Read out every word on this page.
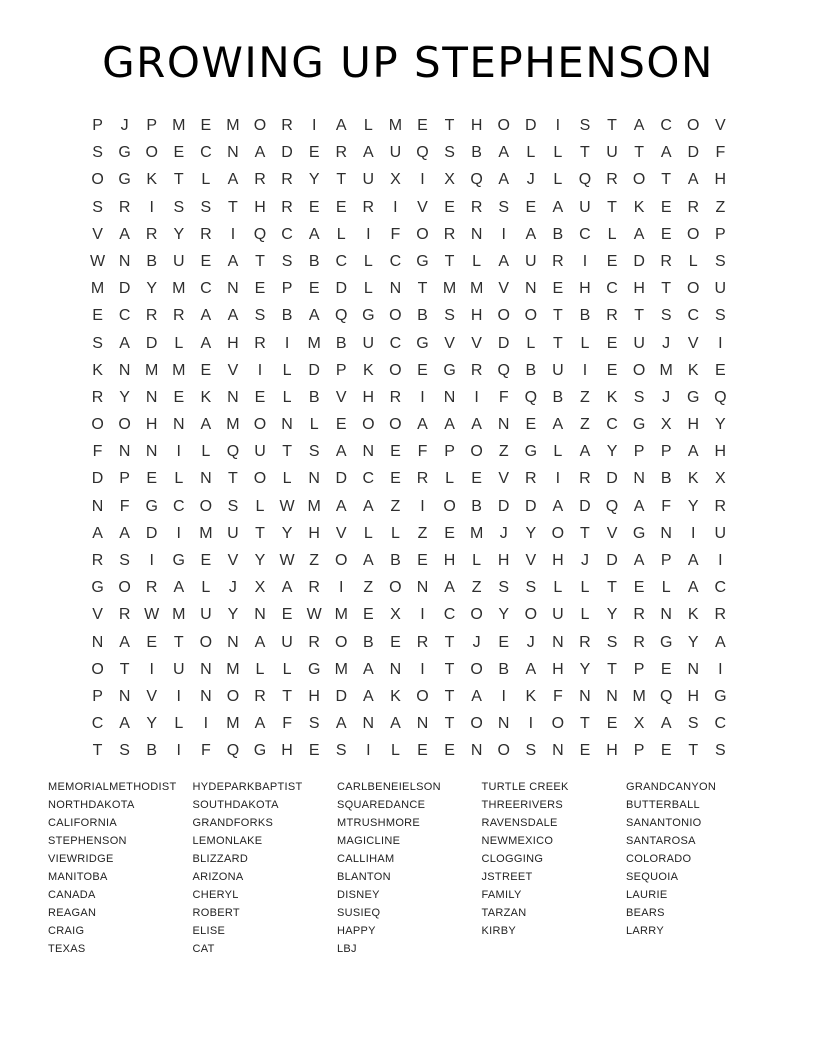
GROWING UP STEPHENSON
P	J	P M E M O R	I	A	L M E	T	H O D	I	S	T	A C O V
S G O E C N A D E R A U Q S	B	A	L	L	T	U	T	A D	F
O G K	T	L	A R R Y	T	U X	I	X Q A	J	L	Q R O T	A H
S R	I	S	S	T	H R E	E R	I	V	E R S	E	A U	T	K	E R	Z
V	A R Y R	I	Q C A	L	I	F O R N	I	A	B C	L	A	E O P
W N B U E	A	T	S	B C	L	C G T	L	A U R	I	E D R	L	S
M D Y M C N E	P	E D	L	N	T M M V N E H C H	T O U
E C R R A	A	S	B	A Q G O B	S H O O T	B R	T	S C S
S	A D	L	A H R	I	M B U C G V	V D	L	T	L	E U	J	V	I
K N M M E	V	I	L	D P	K O E G R Q B U	I	E O M K	E
R Y N E	K N E	L	B	V H R	I	N	I	F Q B	Z	K	S	J	G Q
O O H N A M O N	L	E O O A	A	A N E	A	Z	C G X H Y
F	N N	I	L	Q U	T	S	A N E	F	P O Z G	L	A	Y	P	P	A H
D P	E	L	N	T O	L	N D C E R	L	E	V R	I	R D N B	K	X
N	F G C O S	L W M A	A	Z	I	O B D D A D Q A	F	Y R
A	A D	I	M U	T	Y H V	L	L	Z	E M	J	Y O T	V G N	I	U
R S	I	G E	V	Y W Z O A	B	E H	L	H V H	J	D A	P	A	I
G O R A	L	J	X	A R	I	Z O N A	Z	S	S	L	L	T	E	L	A C
V R W M U Y N E W M E	X	I	C O Y O U	L	Y R N K R
N A	E	T O N A U R O B	E R	T	J	E	J	N R S R G Y	A
O T	I	U N M L	L	G M A N	I	T O B	A H Y	T	P	E N	I
P N V	I	N O R	T	H D A	K O T	A	I	K	F	N N M Q H G
C A	Y	L	I	M A	F	S	A N A N	T O N	I	O T	E	X	A	S C
T	S	B	I	F Q G H E	S	I	L	E	E N O S N E H P	E	T	S
MEMORIALMETHODIST
NORTHDAKOTA
CALIFORNIA
STEPHENSON
VIEWRIDGE
MANITOBA
CANADA
REAGAN
CRAIG
TEXAS
HYDEPARKBAPTIST
SOUTHDAKOTA
GRANDFORKS
LEMONLAKE
BLIZZARD
ARIZONA
CHERYL
ROBERT
ELISE
CAT
CARLBENEIELSON
SQUAREDANCE
MTRUSHMORE
MAGICLINE
CALLIHAM
BLANTON
DISNEY
SUSIEQ
HAPPY
LBJ
TURTLE CREEK
THREERIVERS
RAVENSDALE
NEWMEXICO
CLOGGING
JSTREET
FAMILY
TARZAN
KIRBY
GRANDCANYON
BUTTERBALL
SANANTONIO
SANTAROSA
COLORADO
SEQUOIA
LAURIE
BEARS
LARRY
